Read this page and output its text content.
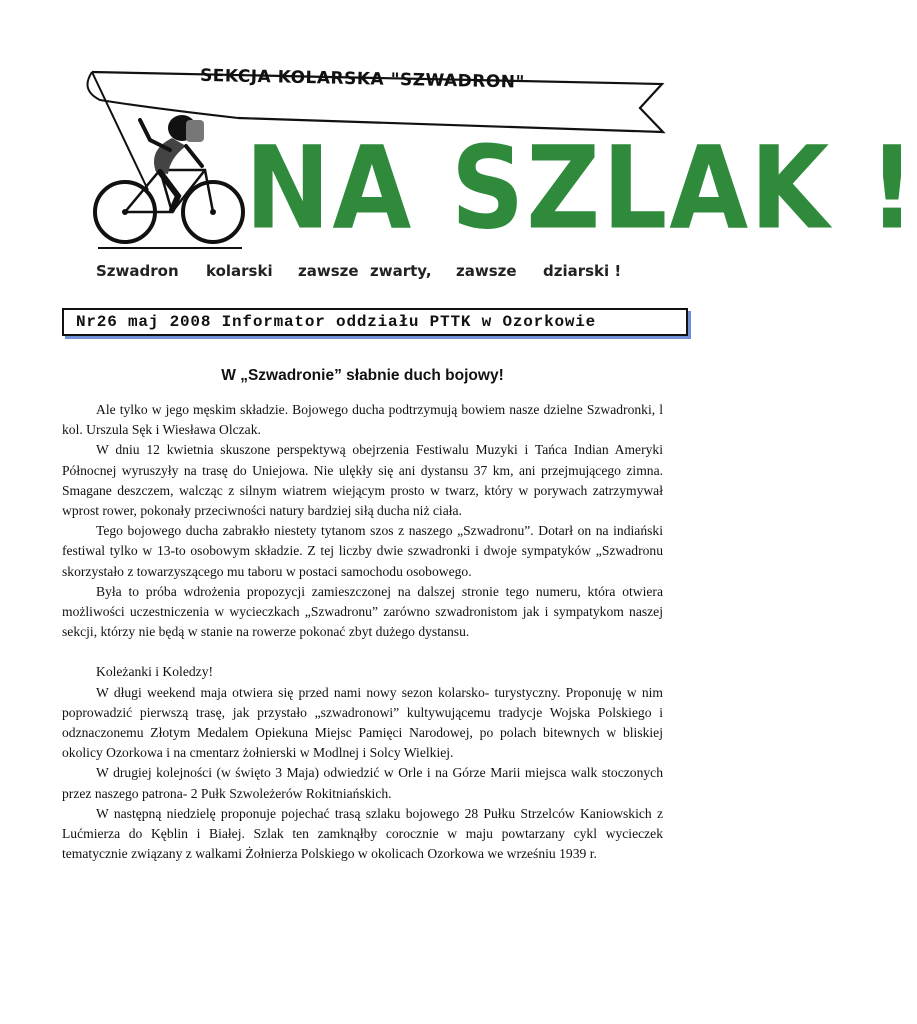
SEKCJA KOLARSKA "SZWADRON"
NA SZLAK !
Szwadron kolarski zawsze zwarty, zawsze dziarski !
Nr26 maj 2008 Informator oddziału PTTK w Ozorkowie
W „Szwadronie” słabnie duch bojowy!

Ale tylko w jego męskim składzie. Bojowego ducha podtrzymują bowiem nasze dzielne Szwadronki, l kol. Urszula Sęk i Wiesława Olczak.

W dniu 12 kwietnia skuszone perspektywą obejrzenia Festiwalu Muzyki i Tańca Indian Ameryki Północnej wyruszyły na trasę do Uniejowa. Nie ulękły się ani dystansu 37 km, ani przejmującego zimna. Smagane deszczem, walcząc z silnym wiatrem wiejącym prosto w twarz, który w porywach zatrzymywał wprost rower, pokonały przeciwności natury bardziej siłą ducha niż ciała.

Tego bojowego ducha zabrakło niestety tytanom szos z naszego „Szwadronu”. Dotarł on na indiański festiwal tylko w 13-to osobowym składzie. Z tej liczby dwie szwadronki i dwoje sympatyków „Szwadronu skorzystało z towarzyszącego mu taboru w postaci samochodu osobowego.

Była to próba wdrożenia propozycji zamieszczonej na dalszej stronie tego numeru, która otwiera możliwości uczestniczenia w wycieczkach „Szwadronu” zarówno szwadronistom jak i sympatykom naszej sekcji, którzy nie będą w stanie na rowerze pokonać zbyt dużego dystansu.

Koleżanki i Koledzy!

W długi weekend maja otwiera się przed nami nowy sezon kolarsko- turystyczny. Proponuję w nim poprowadzić pierwszą trasę, jak przystało „szwadronowi” kultywującemu tradycje Wojska Polskiego i odznaczonemu Złotym Medalem Opiekuna Miejsc Pamięci Narodowej, po polach bitewnych w bliskiej okolicy Ozorkowa i na cmentarz żołnierski w Modlnej i Solcy Wielkiej.

W drugiej kolejności (w święto 3 Maja) odwiedzić w Orle i na Górze Marii miejsca walk stoczonych przez naszego patrona- 2 Pułk Szwoleżerów Rokitniańskich.

W następną niedzielę proponuje pojechać trasą szlaku bojowego 28 Pułku Strzelców Kaniowskich z Lućmierza do Kęblin i Białej. Szlak ten zamknąłby corocznie w maju powtarzany cykl wycieczek tematycznie związany z walkami Żołnierza Polskiego w okolicach Ozorkowa we wrześniu 1939 r.
